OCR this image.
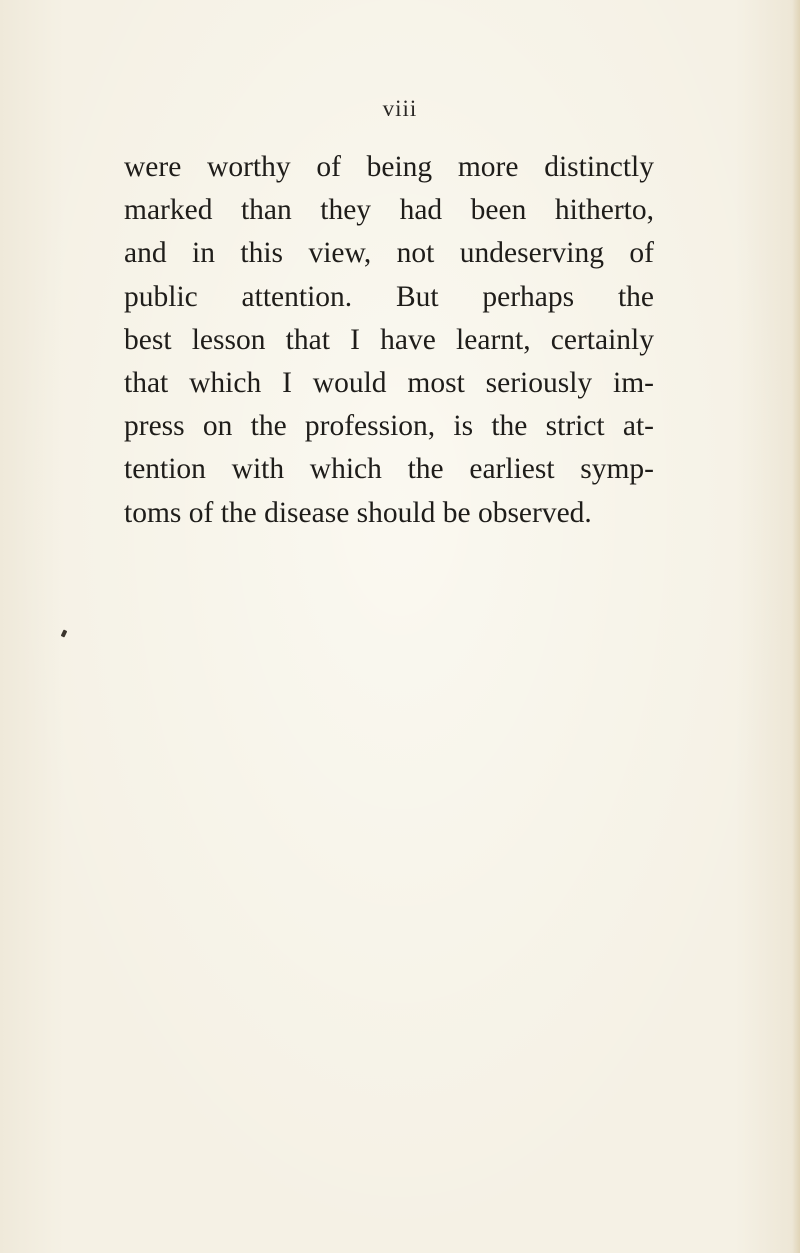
viii
were worthy of being more distinctly
marked than they had been hitherto,
and in this view, not undeserving of
public attention. But perhaps the
best lesson that I have learnt, certainly
that which I would most seriously im-
press on the profession, is the strict at-
tention with which the earliest symp-
toms of the disease should be observed.
